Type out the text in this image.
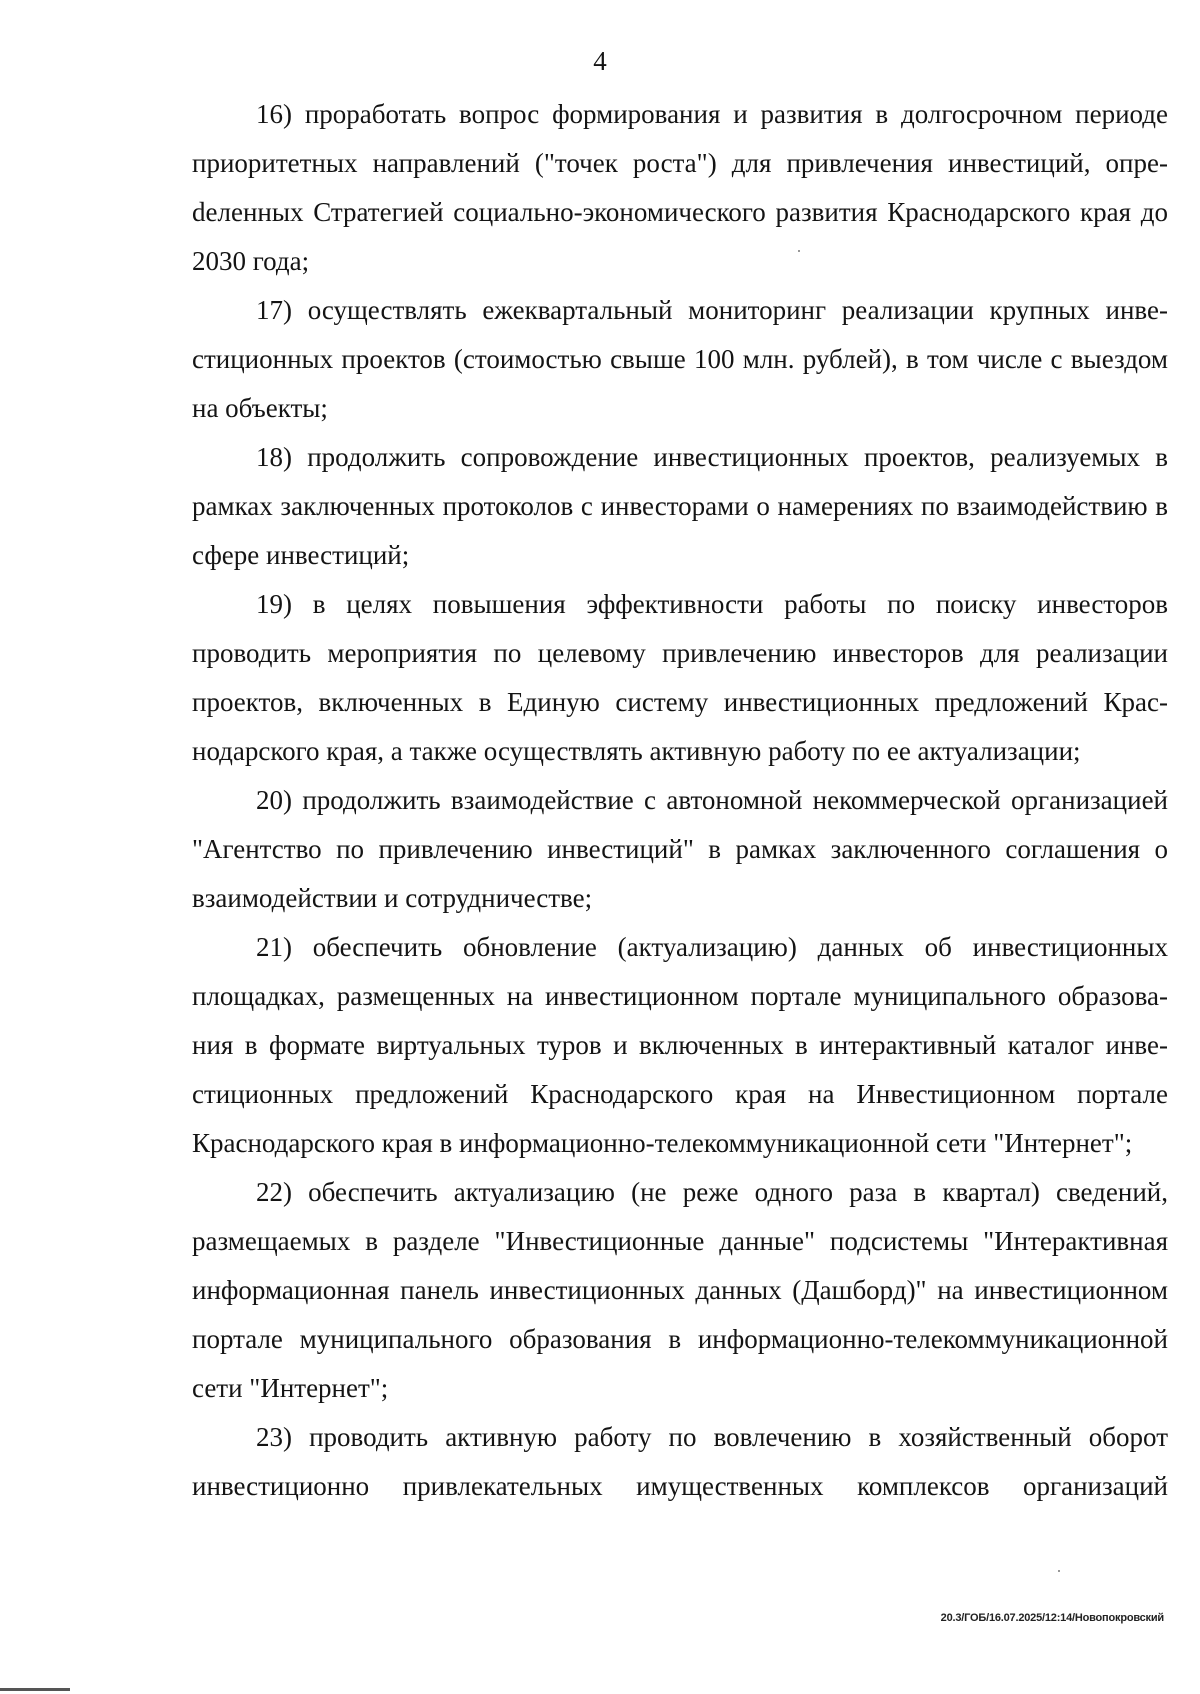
4

16) проработать вопрос формирования и развития в долгосрочном периоде приоритетных направлений ("точек роста") для привлечения инвестиций, опреdеленных Стратегией социально-экономического развития Краснодарского края до 2030 года;

17) осуществлять ежеквартальный мониторинг реализации крупных инвестиционных проектов (стоимостью свыше 100 млн. рублей), в том числе с выездом на объекты;

18) продолжить сопровождение инвестиционных проектов, реализуемых в рамках заключенных протоколов с инвесторами о намерениях по взаимодействию в сфере инвестиций;

19) в целях повышения эффективности работы по поиску инвесторов проводить мероприятия по целевому привлечению инвесторов для реализации проектов, включенных в Единую систему инвестиционных предложений Краснодарского края, а также осуществлять активную работу по ее актуализации;

20) продолжить взаимодействие с автономной некоммерческой организацией "Агентство по привлечению инвестиций" в рамках заключенного соглашения о взаимодействии и сотрудничестве;

21) обеспечить обновление (актуализацию) данных об инвестиционных площадках, размещенных на инвестиционном портале муниципального образования в формате виртуальных туров и включенных в интерактивный каталог инвестиционных предложений Краснодарского края на Инвестиционном портале Краснодарского края в информационно-телекоммуникационной сети "Интернет";

22) обеспечить актуализацию (не реже одного раза в квартал) сведений, размещаемых в разделе "Инвестиционные данные" подсистемы "Интерактивная информационная панель инвестиционных данных (Дашборд)" на инвестиционном портале муниципального образования в информационно-телекоммуникационной сети "Интернет";

23) проводить активную работу по вовлечению в хозяйственный оборот инвестиционно привлекательных имущественных комплексов организаций

20.3/ГОБ/16.07.2025/12:14/Новопокровский
